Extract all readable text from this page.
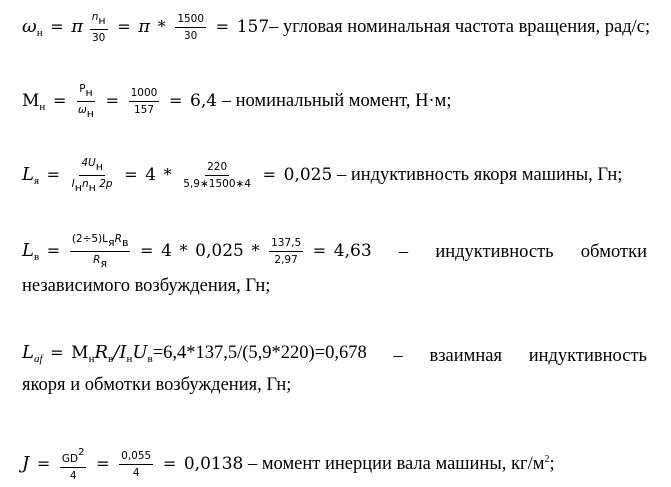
$\omega_н = \pi \frac{nн}{30} = \pi * \frac{1500}{30} = 157-$ угловая номинальная частота вращения, рад/с;
$М_н = \frac{Рн}{\omega н} = \frac{1000}{157} = 6,4$ – номинальный момент, Н·м;
$L_я = \frac{4Uн}{\text{Iнnн 2p}} = 4 * \frac{220}{5,9∗1500∗4} = 0,025$ – индуктивность якоря машины, Гн;
$L_в = \frac{\text{(2÷5)LяRв}}{Rя} = 4 * 0,025 * \frac{137,5}{2,97} = 4,63$ – индуктивность обмотки
независимого возбуждения, Гн;
$L_{af} = М_нR_в/I_нU_в=6,4*137,5/(5,9*220)=0,678$ – взаимная индуктивность
якоря и обмотки возбуждения, Гн;
$J = \frac{GD2}{4} = \frac{0,055}{4} = 0,0138$ – момент инерции вала машины, $кг/м^2$;
